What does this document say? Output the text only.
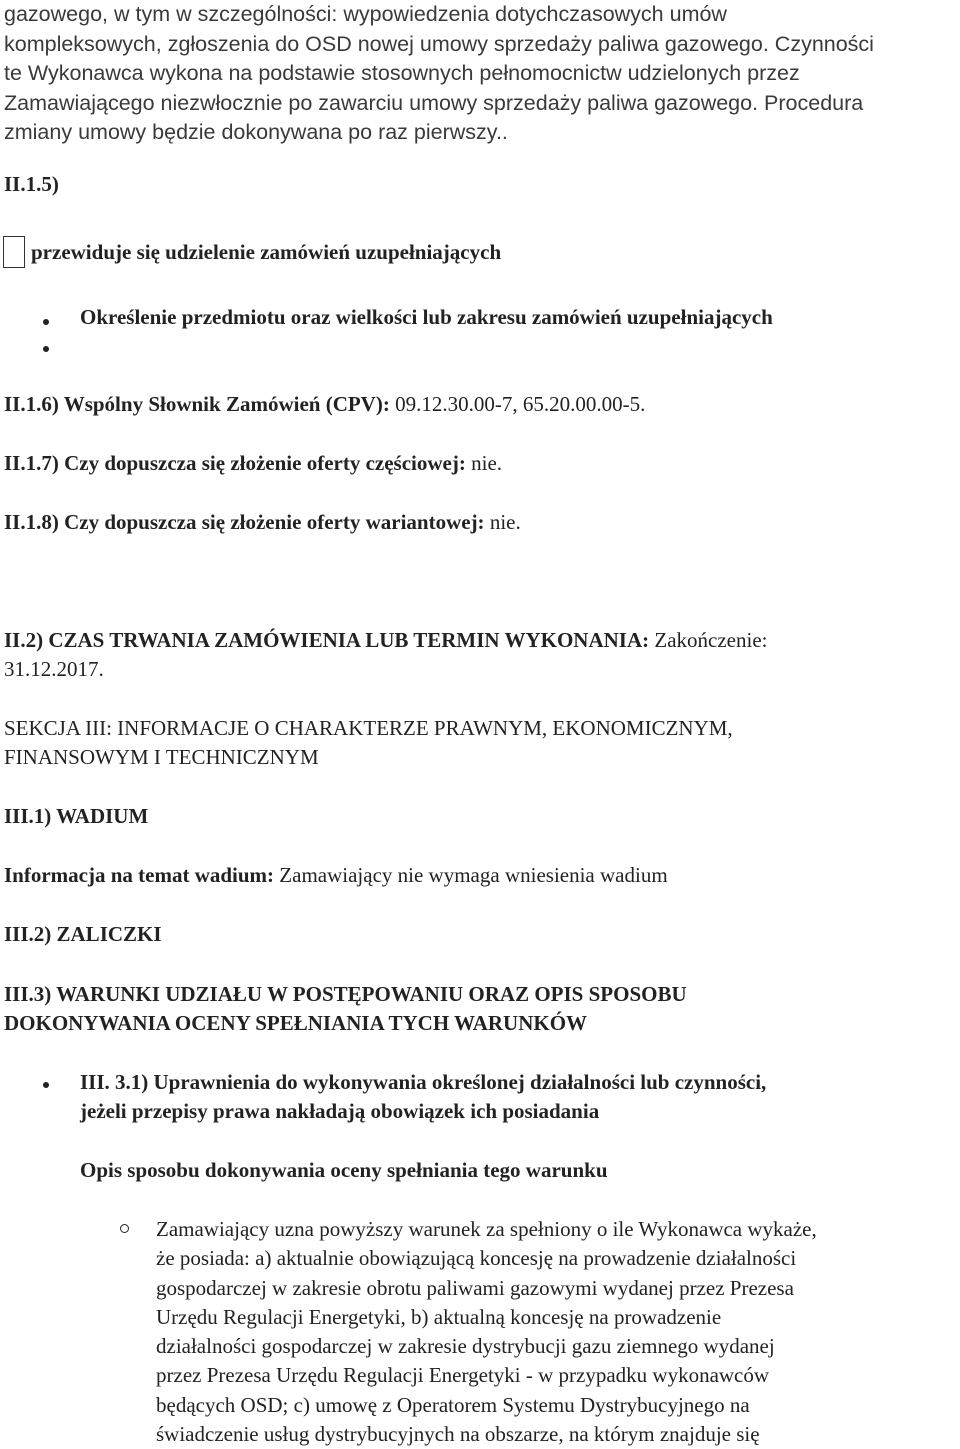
gazowego, w tym w szczególności: wypowiedzenia dotychczasowych umów
kompleksowych, zgłoszenia do OSD nowej umowy sprzedaży paliwa gazowego. Czynności
te Wykonawca wykona na podstawie stosownych pełnomocnictw udzielonych przez
Zamawiającego niezwłocznie po zawarciu umowy sprzedaży paliwa gazowego. Procedura
zmiany umowy będzie dokonywana po raz pierwszy..
II.1.5)
przewiduje się udzielenie zamówień uzupełniających
Określenie przedmiotu oraz wielkości lub zakresu zamówień uzupełniających
II.1.6) Wspólny Słownik Zamówień (CPV): 09.12.30.00-7, 65.20.00.00-5.
II.1.7) Czy dopuszcza się złożenie oferty częściowej: nie.
II.1.8) Czy dopuszcza się złożenie oferty wariantowej: nie.
II.2) CZAS TRWANIA ZAMÓWIENIA LUB TERMIN WYKONANIA: Zakończenie:
31.12.2017.
SEKCJA III: INFORMACJE O CHARAKTERZE PRAWNYM, EKONOMICZNYM,
FINANSOWYM I TECHNICZNYM
III.1) WADIUM
Informacja na temat wadium: Zamawiający nie wymaga wniesienia wadium
III.2) ZALICZKI
III.3) WARUNKI UDZIAŁU W POSTĘPOWANIU ORAZ OPIS SPOSOBU
DOKONYWANIA OCENY SPEŁNIANIA TYCH WARUNKÓW
III. 3.1) Uprawnienia do wykonywania określonej działalności lub czynności,
jeżeli przepisy prawa nakładają obowiązek ich posiadania
Opis sposobu dokonywania oceny spełniania tego warunku
Zamawiający uzna powyższy warunek za spełniony o ile Wykonawca wykaże,
że posiada: a) aktualnie obowiązującą koncesję na prowadzenie działalności
gospodarczej w zakresie obrotu paliwami gazowymi wydanej przez Prezesa
Urzędu Regulacji Energetyki, b) aktualną koncesję na prowadzenie
działalności gospodarczej w zakresie dystrybucji gazu ziemnego wydanej
przez Prezesa Urzędu Regulacji Energetyki - w przypadku wykonawców
będących OSD; c) umowę z Operatorem Systemu Dystrybucyjnego na
świadczenie usług dystrybucyjnych na obszarze, na którym znajduje się
